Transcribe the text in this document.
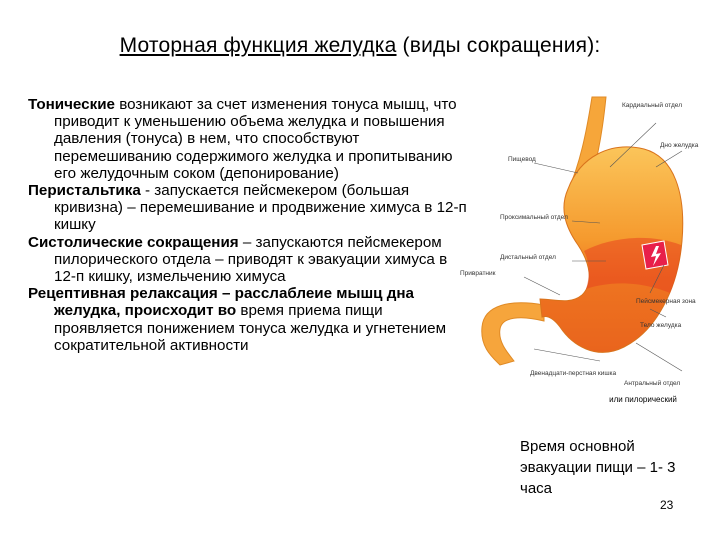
Моторная функция желудка (виды сокращения):

Тонические возникают за счет изменения тонуса мышц, что приводит к уменьшению объема желудка и повышения давления (тонуса) в нем, что способствуют перемешиванию содержимого желудка и пропитыванию его желудочным соком (депонирование)

Перистальтика - запускается пейсмекером (большая кривизна) – перемешивание и продвижение химуса в 12-п кишку

Систолические сокращения – запускаются пейсмекером пилорического отдела – приводят к эвакуации химуса в 12-п кишку, измельчению химуса

Рецептивная релаксация – расслаблеие мышц дна желудка, происходит во время приема пищи проявляется понижением тонуса желудка и угнетением сократительной активности

Кардиальный отдел
Дно желудка
Пищевод
Проксимальный отдел
Дистальный отдел
Привратник
Пейсмекерная зона
Тело желудка
Двенадцати-перстная кишка
Антральный отдел
или пилорический
Время основной эвакуации пищи – 1- 3 часа
23
